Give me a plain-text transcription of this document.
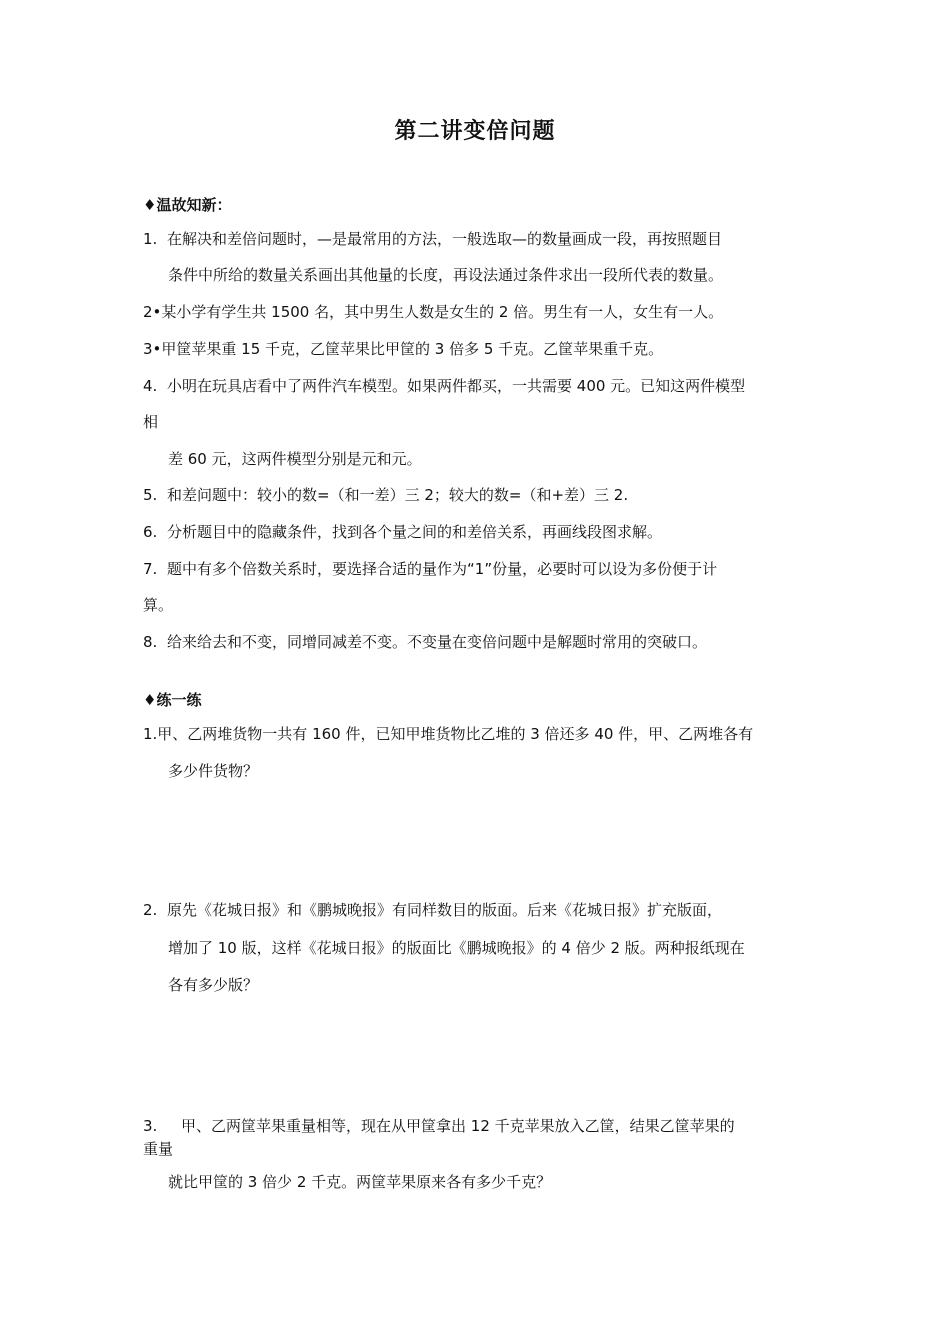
第二讲变倍问题
♦温故知新：
1. 在解决和差倍问题时，—是最常用的方法，一般选取—的数量画成一段，再按照题目
条件中所给的数量关系画出其他量的长度，再设法通过条件求出一段所代表的数量。
2•某小学有学生共 1500 名，其中男生人数是女生的 2 倍。男生有一人，女生有一人。
3•甲筐苹果重 15 千克，乙筐苹果比甲筐的 3 倍多 5 千克。乙筐苹果重千克。
4. 小明在玩具店看中了两件汽车模型。如果两件都买，一共需要 400 元。已知这两件模型
相
差 60 元，这两件模型分别是元和元。
5. 和差问题中：较小的数=（和一差）三 2；较大的数=（和+差）三 2.
6. 分析题目中的隐藏条件，找到各个量之间的和差倍关系，再画线段图求解。
7. 题中有多个倍数关系时，要选择合适的量作为“1”份量，必要时可以设为多份便于计
算。
8. 给来给去和不变，同增同减差不变。不变量在变倍问题中是解题时常用的突破口。
♦练一练
1.甲、乙两堆货物一共有 160 件，已知甲堆货物比乙堆的 3 倍还多 40 件，甲、乙两堆各有
多少件货物？
2. 原先《花城日报》和《鹏城晚报》有同样数目的版面。后来《花城日报》扩充版面，
增加了 10 版，这样《花城日报》的版面比《鹏城晚报》的 4 倍少 2 版。两种报纸现在
各有多少版？
3. 甲、乙两筐苹果重量相等，现在从甲筐拿出 12 千克苹果放入乙筐，结果乙筐苹果的
重量
就比甲筐的 3 倍少 2 千克。两筐苹果原来各有多少千克？
